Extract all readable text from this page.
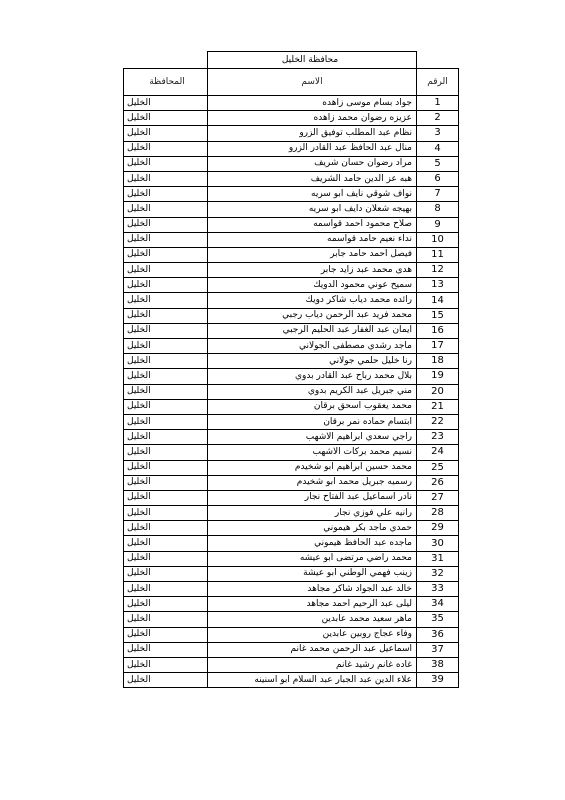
	محافظة الخليل	
المحافظة	الاسم	الرقم
الخليل	جواد بسام موسى زاهده	1
الخليل	عزيزه رضوان محمد زاهده	2
الخليل	نظام عبد المطلب توفيق الزرو	3
الخليل	منال عبد الحافظ عبد القادر الزرو	4
الخليل	مراد رضوان حسان شريف	5
الخليل	هبه عز الدين حامد الشريف	6
الخليل	نواف شوقي نايف ابو سريه	7
الخليل	بهيجه شعلان دايف ابو سريه	8
الخليل	صلاح محمود احمد قواسمه	9
الخليل	نداء نعيم حامد قواسمه	10
الخليل	فيصل احمد حامد جابر	11
الخليل	هدى محمد عبد زايد جابر	12
الخليل	سميح عوني محمود الدويك	13
الخليل	رائده محمد دياب شاكر دويك	14
الخليل	محمد فريد عبد الرحمن دياب رجبي	15
الخليل	ايمان عبد الغفار عبد الحليم الرجبي	16
الخليل	ماجد رشدي مصطفى الجولاني	17
الخليل	رنا خليل حلمي جولاني	18
الخليل	بلال محمد رباح عبد القادر بدوي	19
الخليل	مني جبريل عبد الكريم بدوي	20
الخليل	محمد يعقوب اسحق برقان	21
الخليل	ابتسام حماده نمر برقان	22
الخليل	راجي سعدي ابراهيم الاشهب	23
الخليل	نسيم محمد بركات الاشهب	24
الخليل	محمد حسين ابراهيم ابو شخيدم	25
الخليل	رسميه جبريل محمد ابو شخيدم	26
الخليل	نادر اسماعيل عبد الفتاح نجار	27
الخليل	رانيه علي فوزي نجار	28
الخليل	حمدي ماجد بكر هيموني	29
الخليل	ماجده عبد الحافظ هيموني	30
الخليل	محمد راضي مرتضى ابو عيشه	31
الخليل	زينب فهمي الوطني ابو عيشة	32
الخليل	خالد عبد الجواد شاكر مجاهد	33
الخليل	ليلى عبد الرحيم احمد مجاهد	34
الخليل	ماهر سعيد محمد عابدين	35
الخليل	وفاء عجاج روبين عابدين	36
الخليل	اسماعيل عبد الرحمن محمد غانم	37
الخليل	غاده غانم رشيد غانم	38
الخليل	علاء الدين عبد الجبار عبد السلام ابو اسنينه	39
